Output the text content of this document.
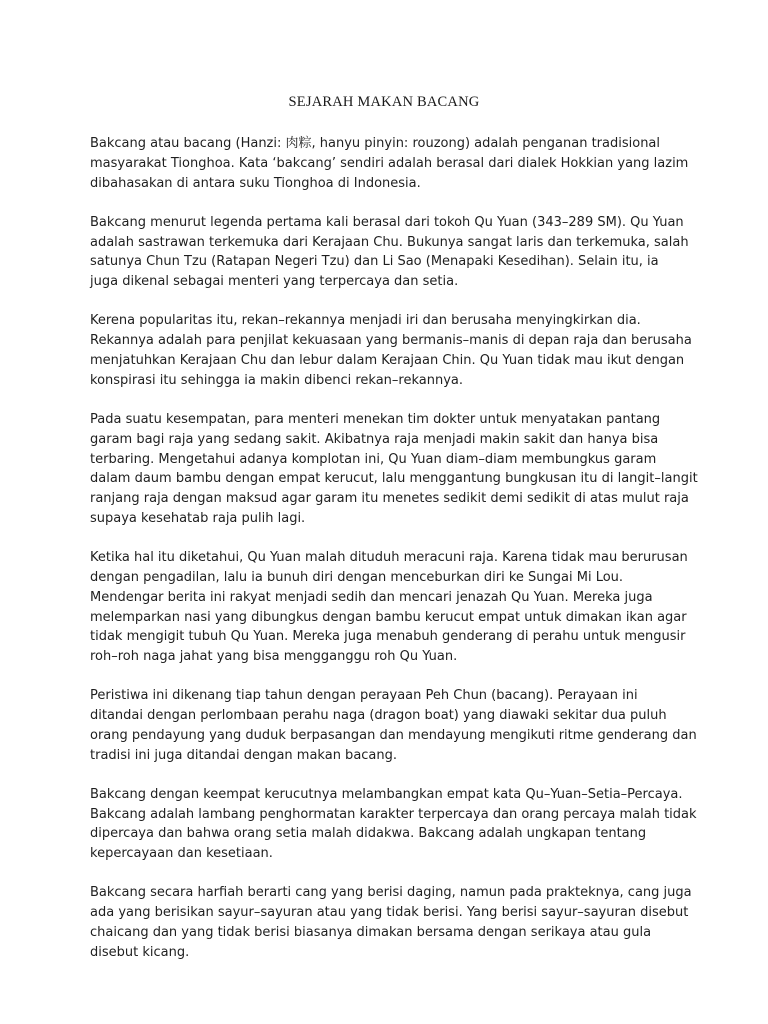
SEJARAH MAKAN BACANG

Bakcang atau bacang (Hanzi: 肉粽, hanyu pinyin: rouzong) adalah penganan tradisional
masyarakat Tionghoa. Kata ‘bakcang’ sendiri adalah berasal dari dialek Hokkian yang lazim
dibahasakan di antara suku Tionghoa di Indonesia.

Bakcang menurut legenda pertama kali berasal dari tokoh Qu Yuan (343–289 SM). Qu Yuan
adalah sastrawan terkemuka dari Kerajaan Chu. Bukunya sangat laris dan terkemuka, salah
satunya Chun Tzu (Ratapan Negeri Tzu) dan Li Sao (Menapaki Kesedihan). Selain itu, ia
juga dikenal sebagai menteri yang terpercaya dan setia.

Kerena popularitas itu, rekan–rekannya menjadi iri dan berusaha menyingkirkan dia.
Rekannya adalah para penjilat kekuasaan yang bermanis–manis di depan raja dan berusaha
menjatuhkan Kerajaan Chu dan lebur dalam Kerajaan Chin. Qu Yuan tidak mau ikut dengan
konspirasi itu sehingga ia makin dibenci rekan–rekannya.

Pada suatu kesempatan, para menteri menekan tim dokter untuk menyatakan pantang
garam bagi raja yang sedang sakit. Akibatnya raja menjadi makin sakit dan hanya bisa
terbaring. Mengetahui adanya komplotan ini, Qu Yuan diam–diam membungkus garam
dalam daum bambu dengan empat kerucut, lalu menggantung bungkusan itu di langit–langit
ranjang raja dengan maksud agar garam itu menetes sedikit demi sedikit di atas mulut raja
supaya kesehatab raja pulih lagi.

Ketika hal itu diketahui, Qu Yuan malah dituduh meracuni raja. Karena tidak mau berurusan
dengan pengadilan, lalu ia bunuh diri dengan menceburkan diri ke Sungai Mi Lou.
Mendengar berita ini rakyat menjadi sedih dan mencari jenazah Qu Yuan. Mereka juga
melemparkan nasi yang dibungkus dengan bambu kerucut empat untuk dimakan ikan agar
tidak mengigit tubuh Qu Yuan. Mereka juga menabuh genderang di perahu untuk mengusir
roh–roh naga jahat yang bisa mengganggu roh Qu Yuan.

Peristiwa ini dikenang tiap tahun dengan perayaan Peh Chun (bacang). Perayaan ini
ditandai dengan perlombaan perahu naga (dragon boat) yang diawaki sekitar dua puluh
orang pendayung yang duduk berpasangan dan mendayung mengikuti ritme genderang dan
tradisi ini juga ditandai dengan makan bacang.

Bakcang dengan keempat kerucutnya melambangkan empat kata Qu–Yuan–Setia–Percaya.
Bakcang adalah lambang penghormatan karakter terpercaya dan orang percaya malah tidak
dipercaya dan bahwa orang setia malah didakwa. Bakcang adalah ungkapan tentang
kepercayaan dan kesetiaan.

Bakcang secara harfiah berarti cang yang berisi daging, namun pada prakteknya, cang juga
ada yang berisikan sayur–sayuran atau yang tidak berisi. Yang berisi sayur–sayuran disebut
chaicang dan yang tidak berisi biasanya dimakan bersama dengan serikaya atau gula
disebut kicang.
